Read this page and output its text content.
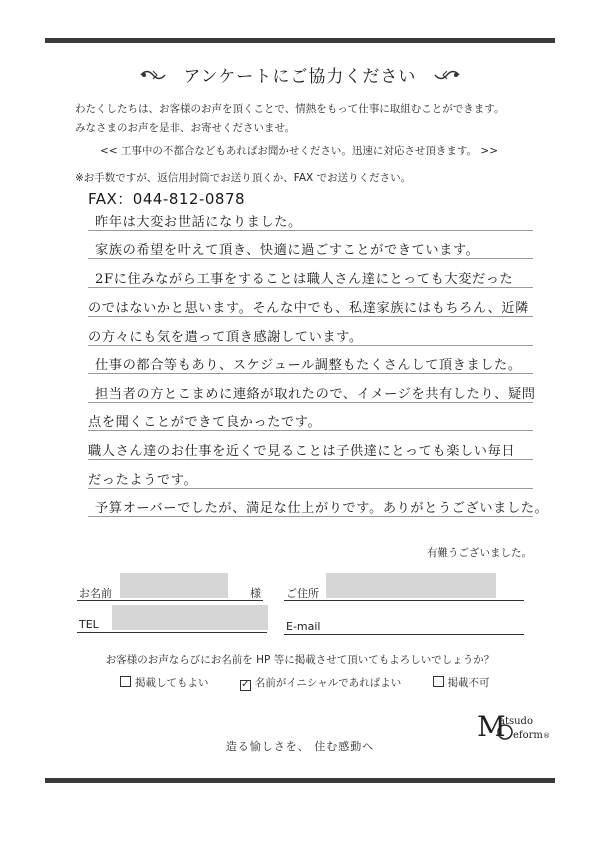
アンケートにご協力ください
わたくしたちは、お客様のお声を頂くことで、情熱をもって仕事に取組むことができます。
みなさまのお声を是非、お寄せくださいませ。
<< 工事中の不都合などもあればお聞かせください。迅速に対応させ頂きます。 >>
※お手数ですが、返信用封筒でお送り頂くか、FAX でお送りください。
FAX：044-812-0878
昨年は大変お世話になりました。
家族の希望を叶えて頂き、快適に過ごすことができています。
2Fに住みながら工事をすることは職人さん達にとっても大変だった
のではないかと思います。そんな中でも、私達家族にはもちろん、近隣
の方々にも気を遣って頂き感謝しています。
仕事の都合等もあり、スケジュール調整もたくさんして頂きました。
担当者の方とこまめに連絡が取れたので、イメージを共有したり、疑問
点を聞くことができて良かったです。
職人さん達のお仕事を近くで見ることは子供達にとっても楽しい毎日
だったようです。
予算オーバーでしたが、満足な仕上がりです。ありがとうございました。
有難うございました。
お名前	様 ご住所
TEL	E-mail
お客様のお声ならびにお名前を HP 等に掲載させて頂いてもよろしいでしょうか？
掲載してもよい	✓ 名前がイニシャルであればよい	掲載不可
M
atsudo
eform ®
造る愉しさを、 住む感動へ
